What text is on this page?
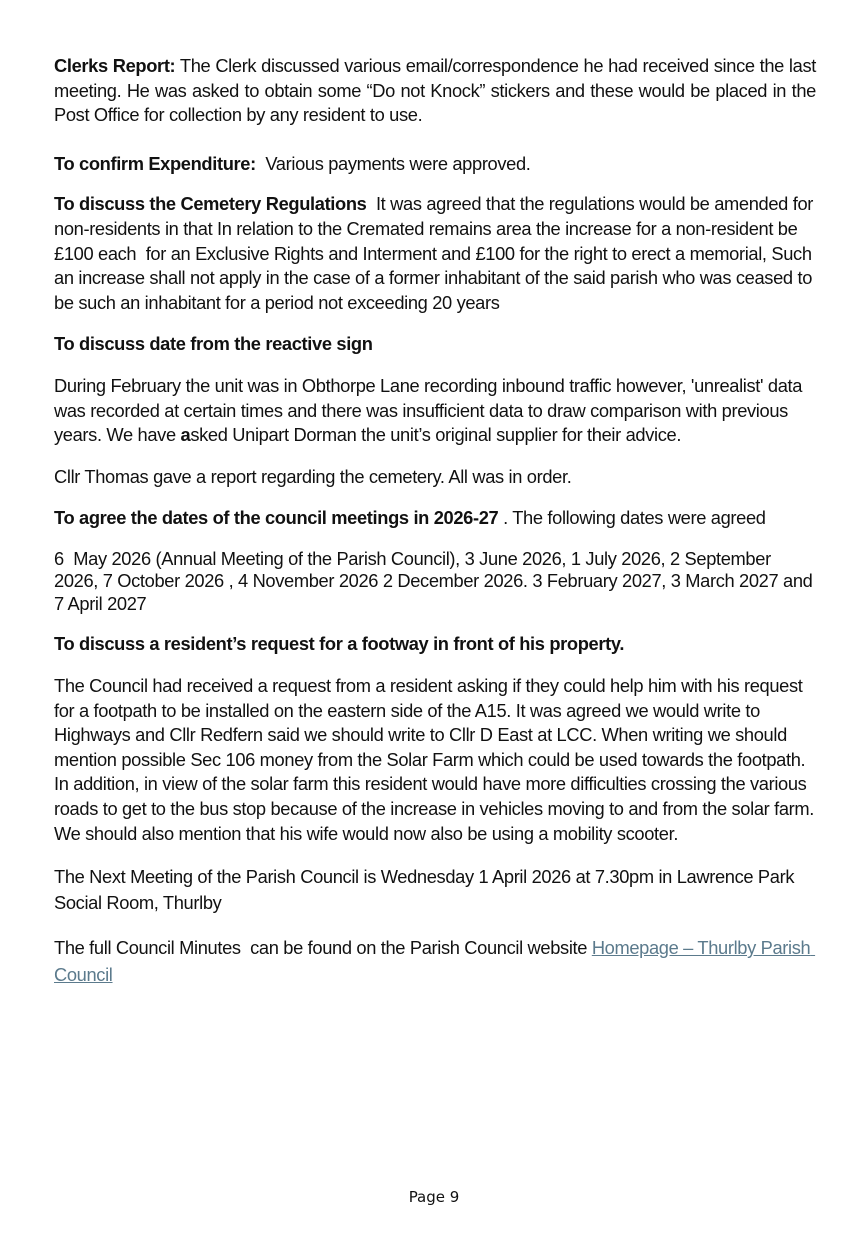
Clerks Report: The Clerk discussed various email/correspondence he had received since the last meeting. He was asked to obtain some “Do not Knock” stickers and these would be placed in the Post Office for collection by any resident to use.

To confirm Expenditure:  Various payments were approved.

To discuss the Cemetery Regulations  It was agreed that the regulations would be amended for non-residents in that In relation to the Cremated remains area the increase for a non-resident be £100 each  for an Exclusive Rights and Interment and £100 for the right to erect a memorial, Such an increase shall not apply in the case of a former inhabitant of the said parish who was ceased to be such an inhabitant for a period not exceeding 20 years

To discuss date from the reactive sign

During February the unit was in Obthorpe Lane recording inbound traffic however, 'unrealist' data was recorded at certain times and there was insufficient data to draw comparison with previous years. We have asked Unipart Dorman the unit’s original supplier for their advice.

Cllr Thomas gave a report regarding the cemetery. All was in order.

To agree the dates of the council meetings in 2026-27 . The following dates were agreed

6  May 2026 (Annual Meeting of the Parish Council), 3 June 2026, 1 July 2026, 2 September 2026, 7 October 2026 , 4 November 2026 2 December 2026. 3 February 2027, 3 March 2027 and 7 April 2027

To discuss a resident’s request for a footway in front of his property.

The Council had received a request from a resident asking if they could help him with his request for a footpath to be installed on the eastern side of the A15. It was agreed we would write to Highways and Cllr Redfern said we should write to Cllr D East at LCC. When writing we should mention possible Sec 106 money from the Solar Farm which could be used towards the footpath. In addition, in view of the solar farm this resident would have more difficulties crossing the various roads to get to the bus stop because of the increase in vehicles moving to and from the solar farm. We should also mention that his wife would now also be using a mobility scooter.

The Next Meeting of the Parish Council is Wednesday 1 April 2026 at 7.30pm in Lawrence Park Social Room, Thurlby

The full Council Minutes  can be found on the Parish Council website Homepage – Thurlby Parish Council

Page 9
